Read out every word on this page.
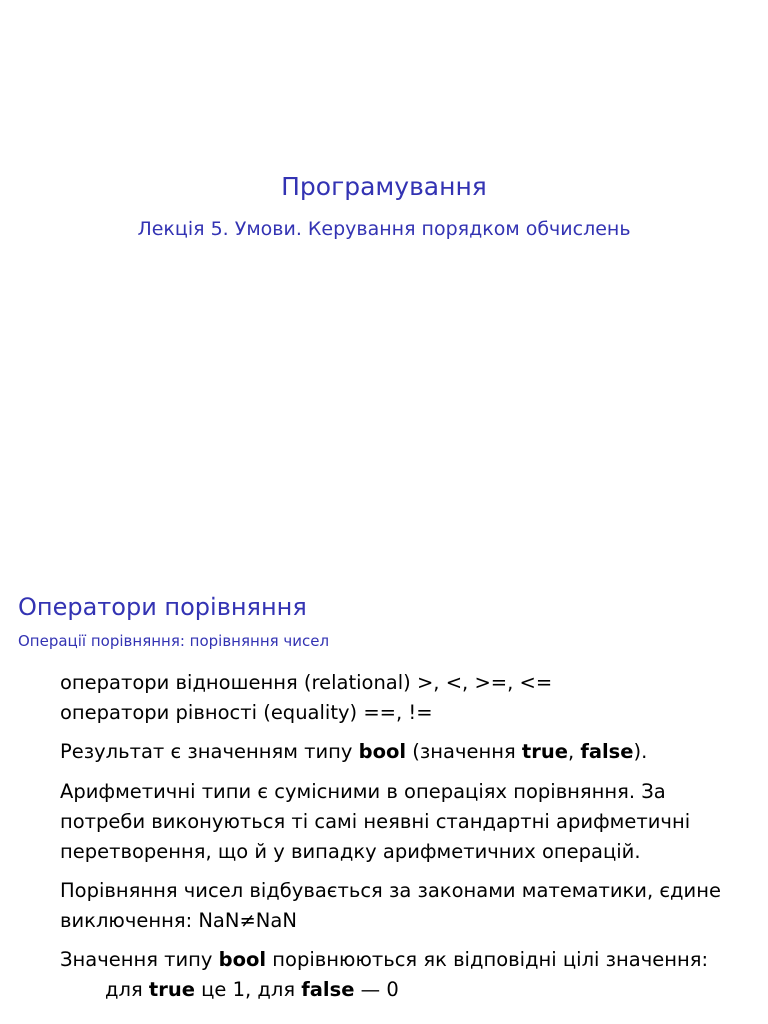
Програмування
Лекція 5. Умови. Керування порядком обчислень
Оператори порівняння
Операції порівняння: порівняння чисел
оператори відношення (relational) >, <, >=, <=
оператори рівності (equality) ==, !=
Результат є значенням типу bool (значення true, false).
Арифметичні типи є сумісними в операціях порівняння. За
потреби виконуються ті самі неявні стандартні арифметичні
перетворення, що й у випадку арифметичних операцій.
Порівняння чисел відбувається за законами математики, єдине
виключення: NaN≠NaN
Значення типу bool порівнюються як відповідні цілі значення:
для true це 1, для false — 0
